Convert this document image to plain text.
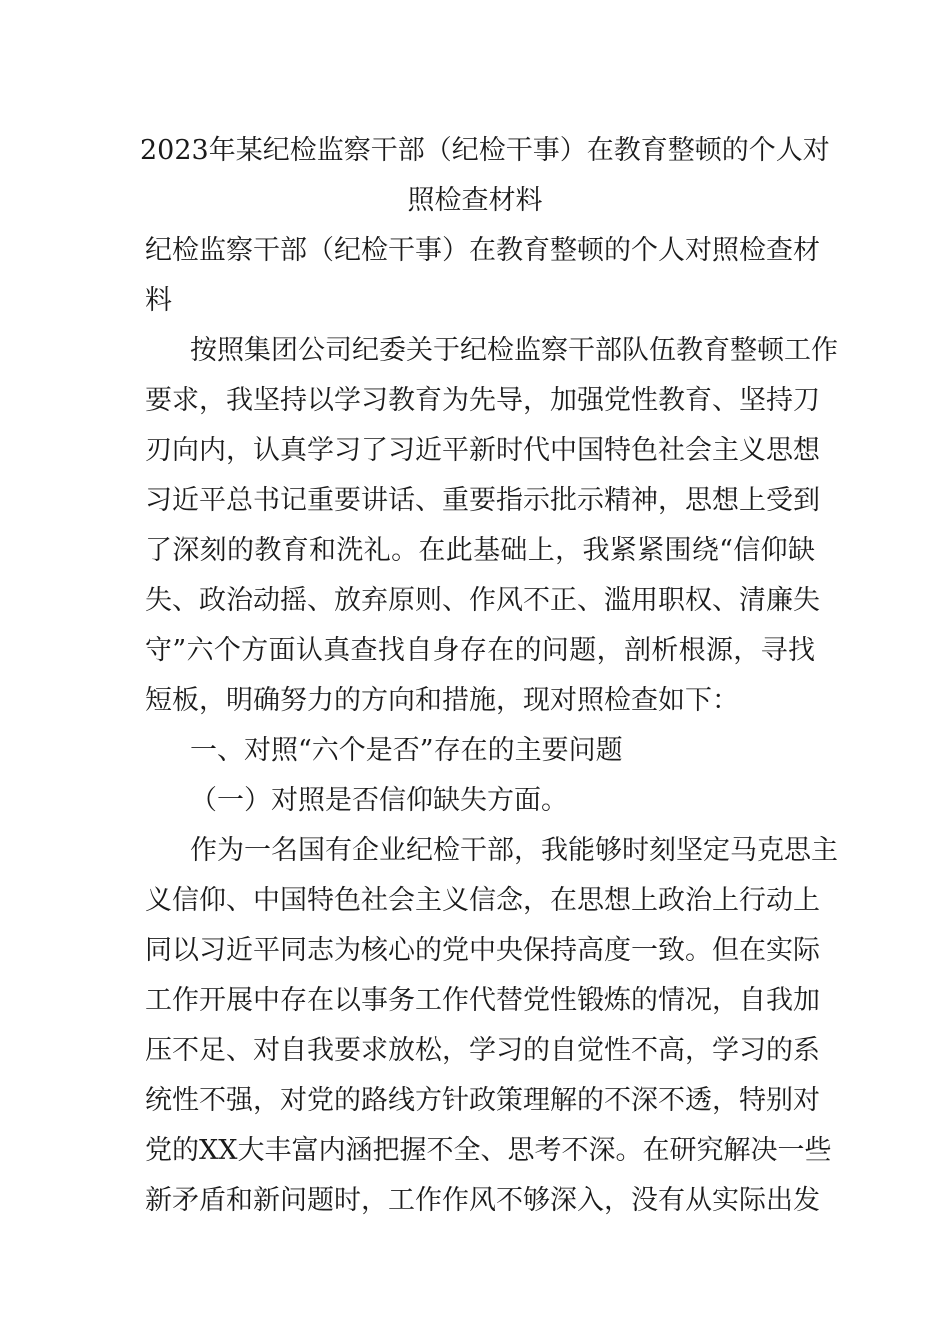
2023年某纪检监察干部（纪检干事）在教育整顿的个人对
照检查材料
纪检监察干部（纪检干事）在教育整顿的个人对照检查材
料
按照集团公司纪委关于纪检监察干部队伍教育整顿工作
要求，我坚持以学习教育为先导，加强党性教育、坚持刀
刃向内，认真学习了习近平新时代中国特色社会主义思想
习近平总书记重要讲话、重要指示批示精神，思想上受到
了深刻的教育和洗礼。在此基础上，我紧紧围绕“信仰缺
失、政治动摇、放弃原则、作风不正、滥用职权、清廉失
守”六个方面认真查找自身存在的问题，剖析根源，寻找
短板，明确努力的方向和措施，现对照检查如下：
一、对照“六个是否”存在的主要问题
（一）对照是否信仰缺失方面。
作为一名国有企业纪检干部，我能够时刻坚定马克思主
义信仰、中国特色社会主义信念，在思想上政治上行动上
同以习近平同志为核心的党中央保持高度一致。但在实际
工作开展中存在以事务工作代替党性锻炼的情况，自我加
压不足、对自我要求放松，学习的自觉性不高，学习的系
统性不强，对党的路线方针政策理解的不深不透，特别对
党的XX大丰富内涵把握不全、思考不深。在研究解决一些
新矛盾和新问题时，工作作风不够深入，没有从实际出发
